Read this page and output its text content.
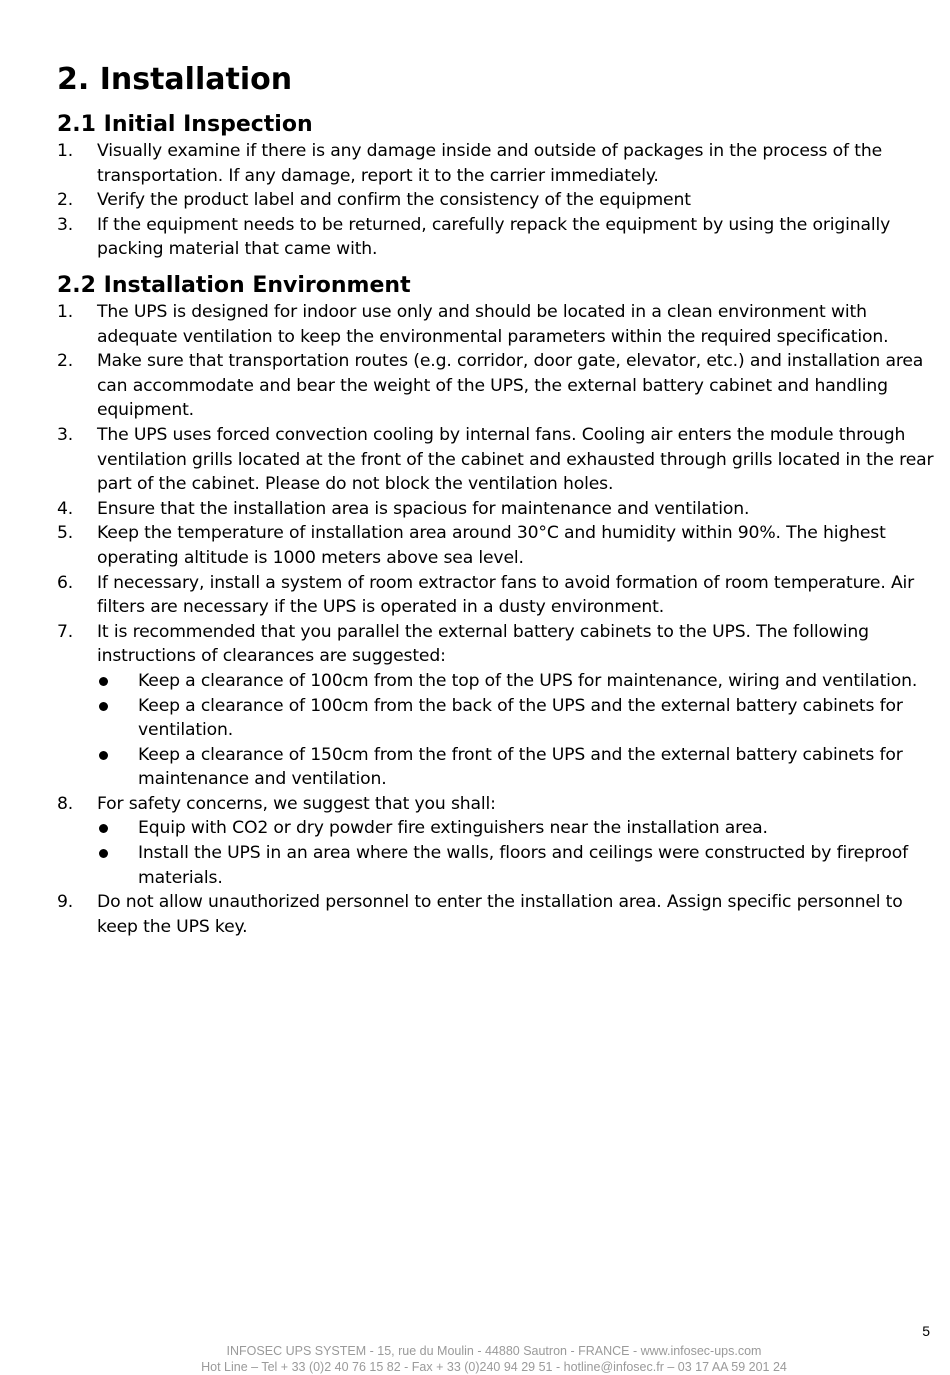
2. Installation
2.1 Initial Inspection
1. Visually examine if there is any damage inside and outside of packages in the process of the transportation. If any damage, report it to the carrier immediately.
2. Verify the product label and confirm the consistency of the equipment
3. If the equipment needs to be returned, carefully repack the equipment by using the originally packing material that came with.
2.2 Installation Environment
1. The UPS is designed for indoor use only and should be located in a clean environment with adequate ventilation to keep the environmental parameters within the required specification.
2. Make sure that transportation routes (e.g. corridor, door gate, elevator, etc.) and installation area can accommodate and bear the weight of the UPS, the external battery cabinet and handling equipment.
3. The UPS uses forced convection cooling by internal fans. Cooling air enters the module through ventilation grills located at the front of the cabinet and exhausted through grills located in the rear part of the cabinet. Please do not block the ventilation holes.
4. Ensure that the installation area is spacious for maintenance and ventilation.
5. Keep the temperature of installation area around 30°C and humidity within 90%. The highest operating altitude is 1000 meters above sea level.
6. If necessary, install a system of room extractor fans to avoid formation of room temperature. Air filters are necessary if the UPS is operated in a dusty environment.
7. It is recommended that you parallel the external battery cabinets to the UPS. The following instructions of clearances are suggested:
Keep a clearance of 100cm from the top of the UPS for maintenance, wiring and ventilation.
Keep a clearance of 100cm from the back of the UPS and the external battery cabinets for ventilation.
Keep a clearance of 150cm from the front of the UPS and the external battery cabinets for maintenance and ventilation.
8. For safety concerns, we suggest that you shall:
Equip with CO2 or dry powder fire extinguishers near the installation area.
Install the UPS in an area where the walls, floors and ceilings were constructed by fireproof materials.
9. Do not allow unauthorized personnel to enter the installation area. Assign specific personnel to keep the UPS key.
5
INFOSEC UPS SYSTEM - 15, rue du Moulin - 44880 Sautron - FRANCE - www.infosec-ups.com
Hot Line – Tel + 33 (0)2 40 76 15 82 - Fax + 33 (0)240 94 29 51 - hotline@infosec.fr – 03 17 AA 59 201 24
